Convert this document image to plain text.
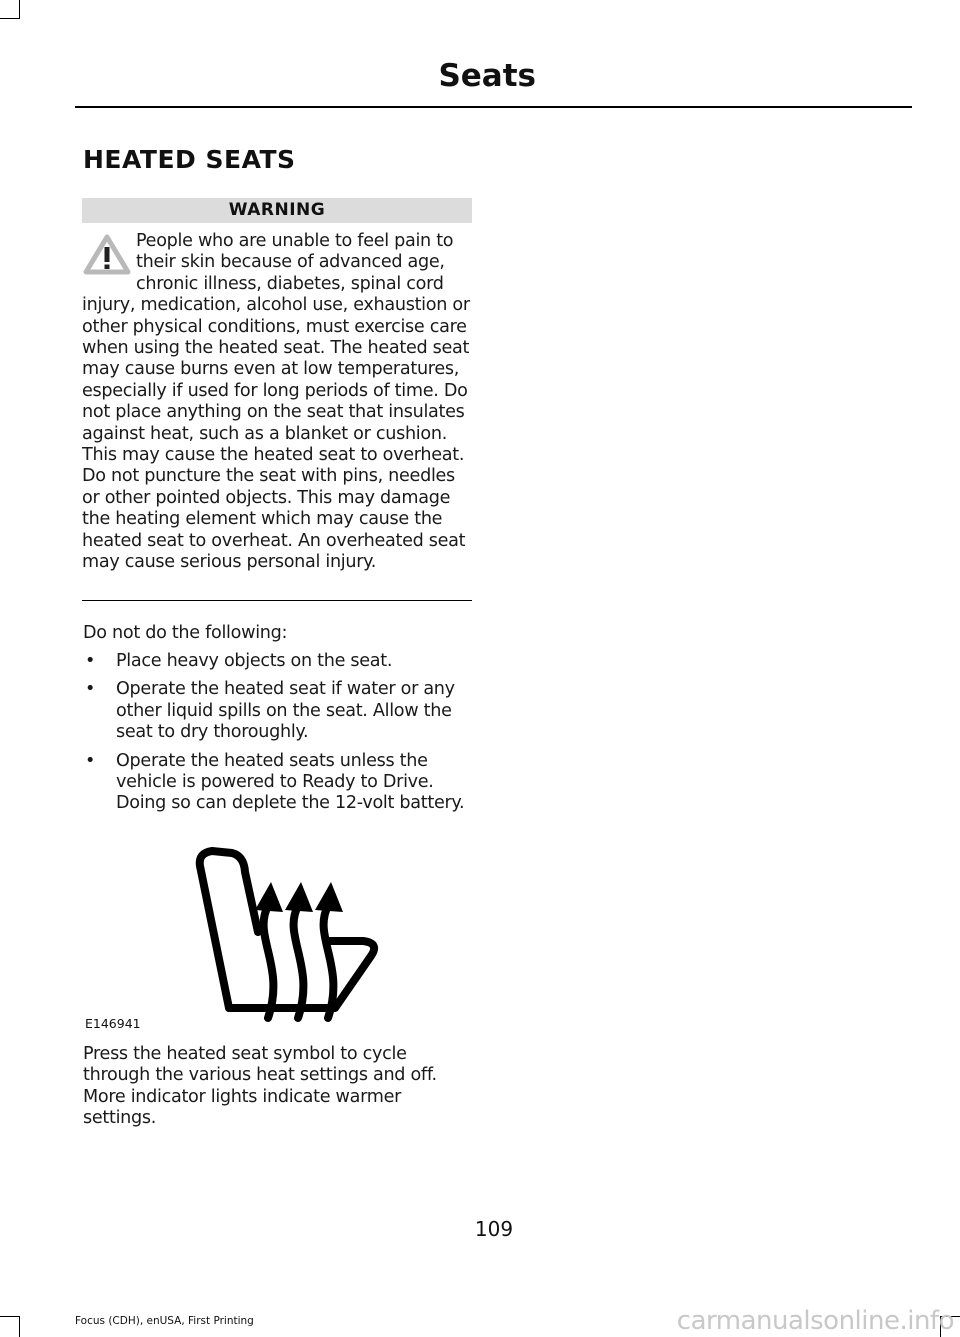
Seats
HEATED SEATS
WARNING
People who are unable to feel pain to their skin because of advanced age, chronic illness, diabetes, spinal cord injury, medication, alcohol use, exhaustion or other physical conditions, must exercise care when using the heated seat. The heated seat may cause burns even at low temperatures, especially if used for long periods of time. Do not place anything on the seat that insulates against heat, such as a blanket or cushion. This may cause the heated seat to overheat. Do not puncture the seat with pins, needles or other pointed objects. This may damage the heating element which may cause the heated seat to overheat. An overheated seat may cause serious personal injury.

Do not do the following:

• Place heavy objects on the seat.
• Operate the heated seat if water or any other liquid spills on the seat. Allow the seat to dry thoroughly.
• Operate the heated seats unless the vehicle is powered to Ready to Drive. Doing so can deplete the 12-volt battery.
E146941

Press the heated seat symbol to cycle through the various heat settings and off. More indicator lights indicate warmer settings.

109
Focus (CDH), enUSA, First Printing	carmanualsonline.info
